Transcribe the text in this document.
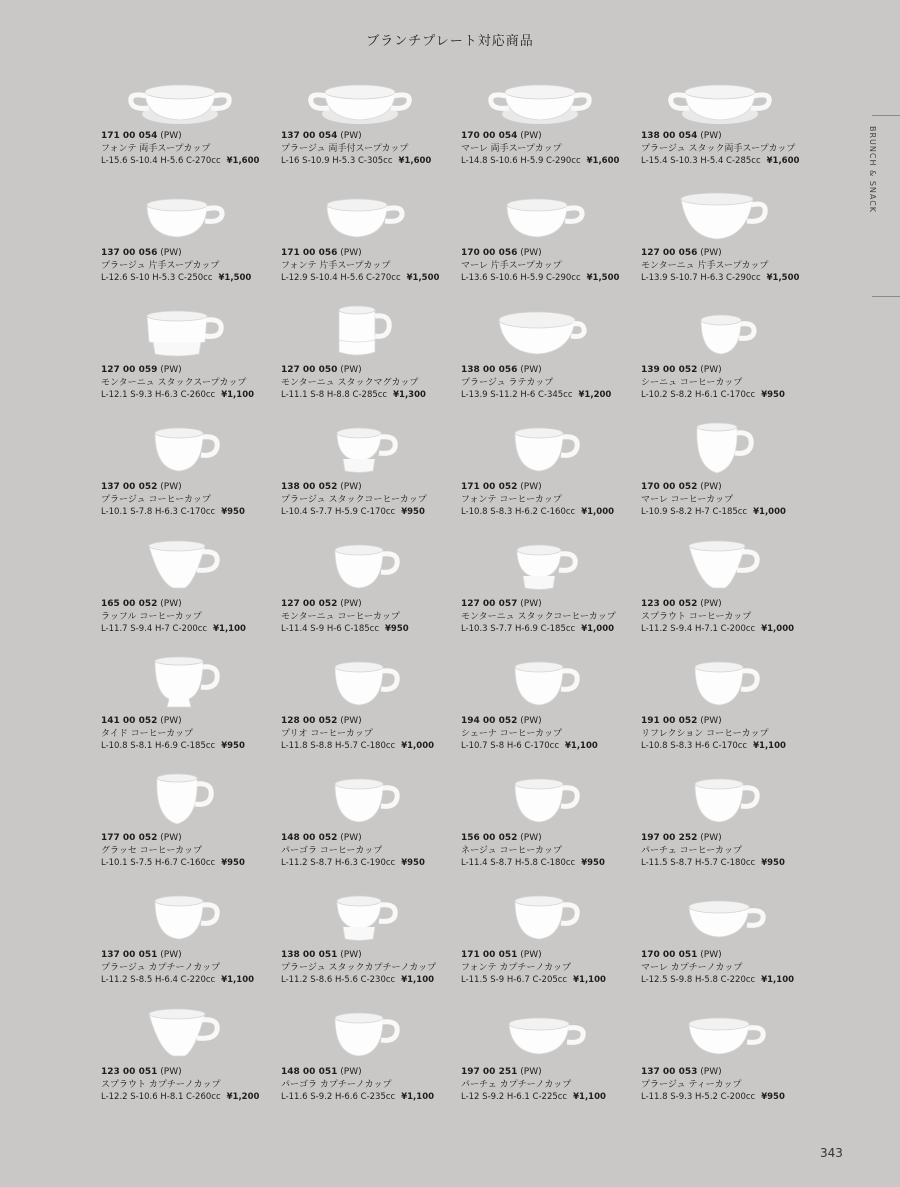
ブランチプレート対応商品
BRUNCH & SNACK
171 00 054 (PW)
フォンテ 両手スープカップ
L-15.6 S-10.4 H-5.6 C-270cc ¥1,600
137 00 054 (PW)
プラージュ 両手付スープカップ
L-16 S-10.9 H-5.3 C-305cc ¥1,600
170 00 054 (PW)
マーレ 両手スープカップ
L-14.8 S-10.6 H-5.9 C-290cc ¥1,600
138 00 054 (PW)
プラージュ スタック両手スープカップ
L-15.4 S-10.3 H-5.4 C-285cc ¥1,600
137 00 056 (PW)
プラージュ 片手スープカップ
L-12.6 S-10 H-5.3 C-250cc ¥1,500
171 00 056 (PW)
フォンテ 片手スープカップ
L-12.9 S-10.4 H-5.6 C-270cc ¥1,500
170 00 056 (PW)
マーレ 片手スープカップ
L-13.6 S-10.6 H-5.9 C-290cc ¥1,500
127 00 056 (PW)
モンターニュ 片手スープカップ
L-13.9 S-10.7 H-6.3 C-290cc ¥1,500
127 00 059 (PW)
モンターニュ スタックスープカップ
L-12.1 S-9.3 H-6.3 C-260cc ¥1,100
127 00 050 (PW)
モンターニュ スタックマグカップ
L-11.1 S-8 H-8.8 C-285cc ¥1,300
138 00 056 (PW)
プラージュ ラテカップ
L-13.9 S-11.2 H-6 C-345cc ¥1,200
139 00 052 (PW)
シーニュ コーヒーカップ
L-10.2 S-8.2 H-6.1 C-170cc ¥950
137 00 052 (PW)
プラージュ コーヒーカップ
L-10.1 S-7.8 H-6.3 C-170cc ¥950
138 00 052 (PW)
プラージュ スタックコーヒーカップ
L-10.4 S-7.7 H-5.9 C-170cc ¥950
171 00 052 (PW)
フォンテ コーヒーカップ
L-10.8 S-8.3 H-6.2 C-160cc ¥1,000
170 00 052 (PW)
マーレ コーヒーカップ
L-10.9 S-8.2 H-7 C-185cc ¥1,000
165 00 052 (PW)
ラッフル コーヒーカップ
L-11.7 S-9.4 H-7 C-200cc ¥1,100
127 00 052 (PW)
モンターニュ コーヒーカップ
L-11.4 S-9 H-6 C-185cc ¥950
127 00 057 (PW)
モンターニュ スタックコーヒーカップ
L-10.3 S-7.7 H-6.9 C-185cc ¥1,000
123 00 052 (PW)
スプラウト コーヒーカップ
L-11.2 S-9.4 H-7.1 C-200cc ¥1,000
141 00 052 (PW)
タイド コーヒーカップ
L-10.8 S-8.1 H-6.9 C-185cc ¥950
128 00 052 (PW)
プリオ コーヒーカップ
L-11.8 S-8.8 H-5.7 C-180cc ¥1,000
194 00 052 (PW)
シェーナ コーヒーカップ
L-10.7 S-8 H-6 C-170cc ¥1,100
191 00 052 (PW)
リフレクション コーヒーカップ
L-10.8 S-8.3 H-6 C-170cc ¥1,100
177 00 052 (PW)
グラッセ コーヒーカップ
L-10.1 S-7.5 H-6.7 C-160cc ¥950
148 00 052 (PW)
パーゴラ コーヒーカップ
L-11.2 S-8.7 H-6.3 C-190cc ¥950
156 00 052 (PW)
ネージュ コーヒーカップ
L-11.4 S-8.7 H-5.8 C-180cc ¥950
197 00 252 (PW)
パーチェ コーヒーカップ
L-11.5 S-8.7 H-5.7 C-180cc ¥950
137 00 051 (PW)
プラージュ カプチーノカップ
L-11.2 S-8.5 H-6.4 C-220cc ¥1,100
138 00 051 (PW)
プラージュ スタックカプチーノカップ
L-11.2 S-8.6 H-5.6 C-230cc ¥1,100
171 00 051 (PW)
フォンテ カプチーノカップ
L-11.5 S-9 H-6.7 C-205cc ¥1,100
170 00 051 (PW)
マーレ カプチーノカップ
L-12.5 S-9.8 H-5.8 C-220cc ¥1,100
123 00 051 (PW)
スプラウト カプチーノカップ
L-12.2 S-10.6 H-8.1 C-260cc ¥1,200
148 00 051 (PW)
パーゴラ カプチーノカップ
L-11.6 S-9.2 H-6.6 C-235cc ¥1,100
197 00 251 (PW)
パーチェ カプチーノカップ
L-12 S-9.2 H-6.1 C-225cc ¥1,100
137 00 053 (PW)
プラージュ ティーカップ
L-11.8 S-9.3 H-5.2 C-200cc ¥950
343
